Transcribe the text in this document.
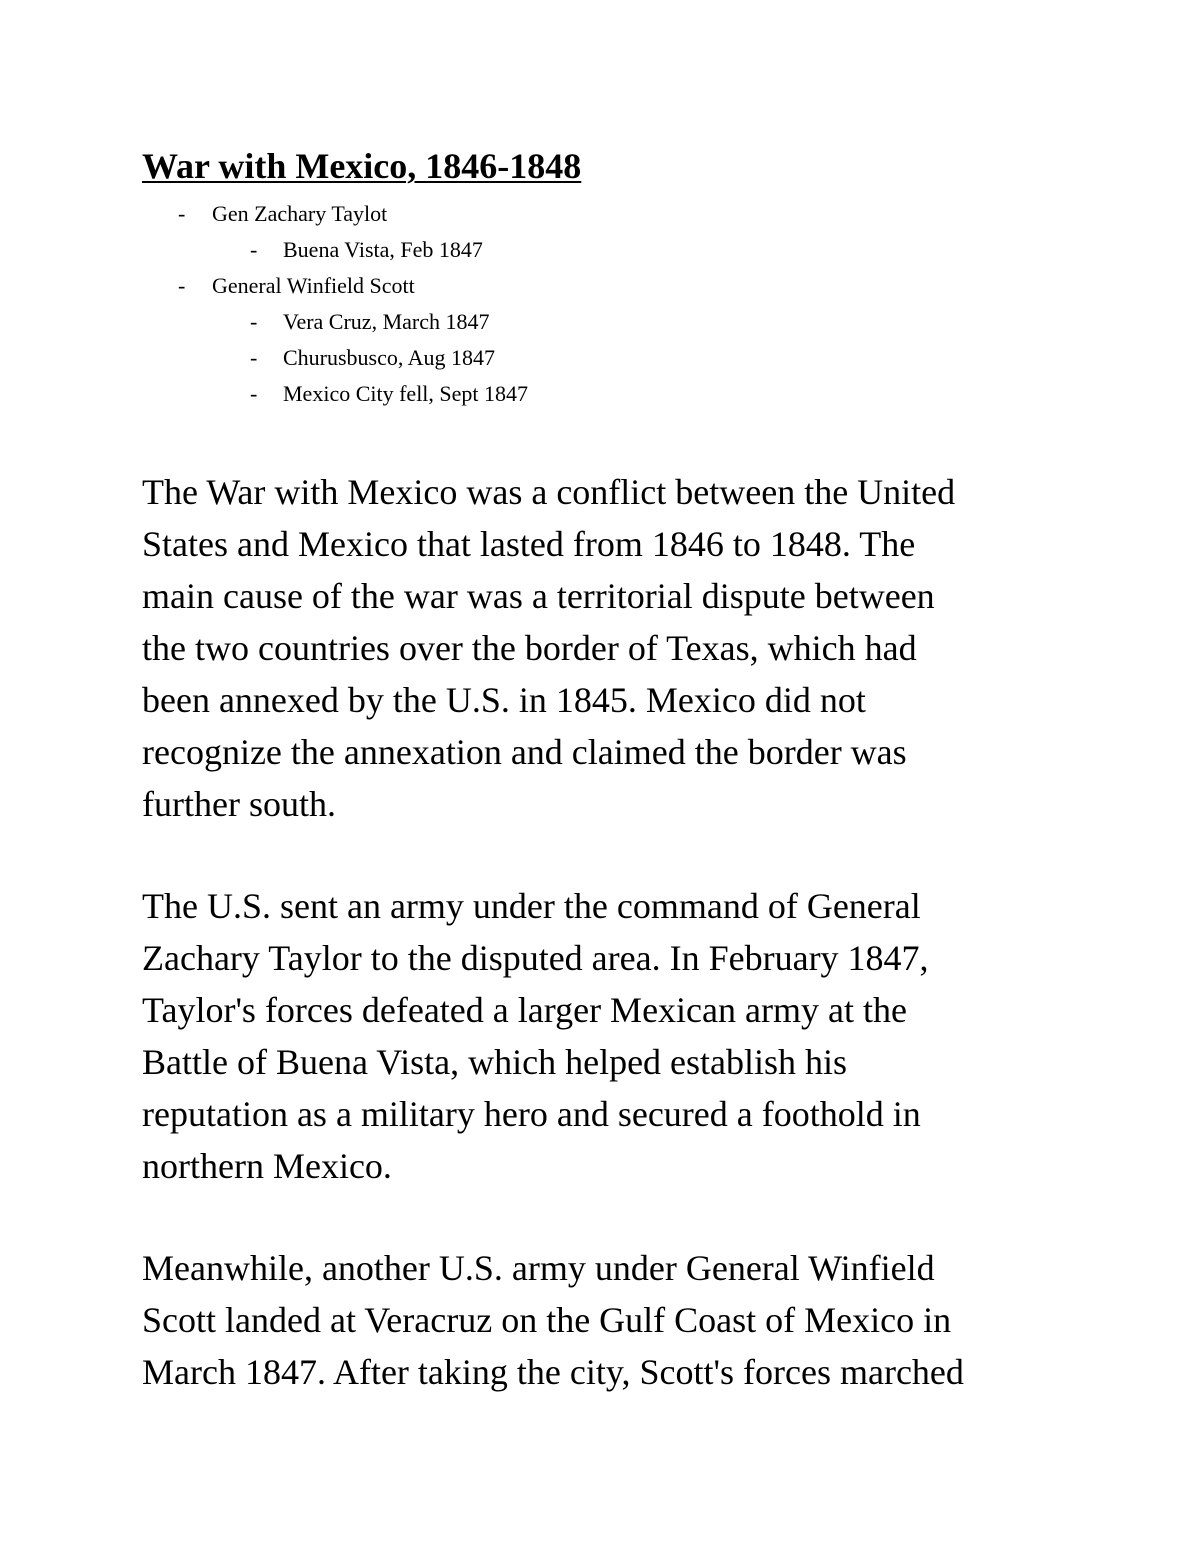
War with Mexico, 1846-1848
- Gen Zachary Taylot
- Buena Vista, Feb 1847
- General Winfield Scott
- Vera Cruz, March 1847
- Churusbusco, Aug 1847
- Mexico City fell, Sept 1847

The War with Mexico was a conflict between the United
States and Mexico that lasted from 1846 to 1848. The
main cause of the war was a territorial dispute between
the two countries over the border of Texas, which had
been annexed by the U.S. in 1845. Mexico did not
recognize the annexation and claimed the border was
further south.

The U.S. sent an army under the command of General
Zachary Taylor to the disputed area. In February 1847,
Taylor's forces defeated a larger Mexican army at the
Battle of Buena Vista, which helped establish his
reputation as a military hero and secured a foothold in
northern Mexico.

Meanwhile, another U.S. army under General Winfield
Scott landed at Veracruz on the Gulf Coast of Mexico in
March 1847. After taking the city, Scott's forces marched
